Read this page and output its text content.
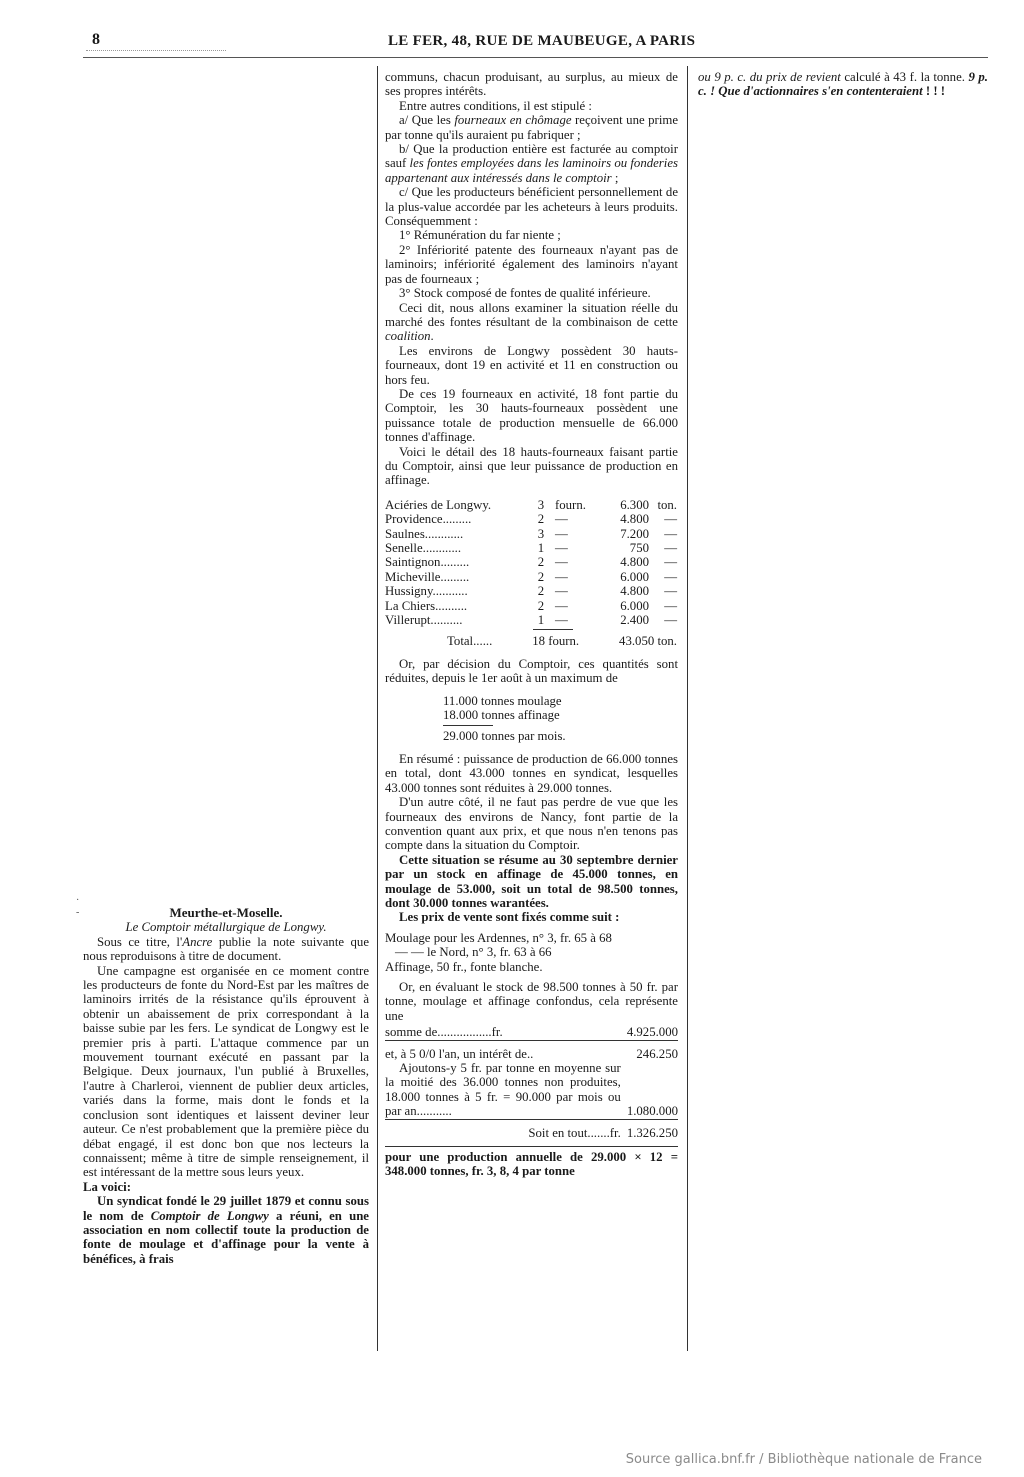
8	LE FER, 48, RUE DE MAUBEUGE, A PARIS
·
-	Meurthe-et-Moselle.

Le Comptoir métallurgique de Longwy.

Sous ce titre, l'Ancre publie la note suivante que nous reproduisons à titre de document.

Une campagne est organisée en ce moment contre les producteurs de fonte du Nord-Est par les maîtres de laminoirs irrités de la résistance qu'ils éprouvent à obtenir un abaissement de prix correspondant à la baisse subie par les fers. Le syndicat de Longwy est le premier pris à parti. L'attaque commence par un mouvement tournant exécuté en passant par la Belgique. Deux journaux, l'un publié à Bruxelles, l'autre à Charleroi, viennent de publier deux articles, variés dans la forme, mais dont le fonds et la conclusion sont identiques et laissent deviner leur auteur. Ce n'est probablement que la première pièce du débat engagé, il est donc bon que nos lecteurs la connaissent; même à titre de simple renseignement, il est intéressant de la mettre sous leurs yeux.

La voici:

Un syndicat fondé le 29 juillet 1879 et connu sous le nom de Comptoir de Longwy a réuni, en une association en nom collectif toute la production de fonte de moulage et d'affinage pour la vente à bénéfices, à frais

communs, chacun produisant, au surplus, au mieux de ses propres intérêts.

Entre autres conditions, il est stipulé :

a/ Que les fourneaux en chômage reçoivent une prime par tonne qu'ils auraient pu fabriquer ;

b/ Que la production entière est facturée au comptoir sauf les fontes employées dans les laminoirs ou fonderies appartenant aux intéressés dans le comptoir ;

c/ Que les producteurs bénéficient personnellement de la plus-value accordée par les acheteurs à leurs produits. Conséquemment :

1° Rémunération du far niente ;

2° Infériorité patente des fourneaux n'ayant pas de laminoirs; infériorité également des laminoirs n'ayant pas de fourneaux ;

3° Stock composé de fontes de qualité inférieure.

Ceci dit, nous allons examiner la situation réelle du marché des fontes résultant de la combinaison de cette coalition.

Les environs de Longwy possèdent 30 hauts-fourneaux, dont 19 en activité et 11 en construction ou hors feu.

De ces 19 fourneaux en activité, 18 font partie du Comptoir, les 30 hauts-fourneaux possèdent une puissance totale de production mensuelle de 66.000 tonnes d'affinage.

Voici le détail des 18 hauts-fourneaux faisant partie du Comptoir, ainsi que leur puissance de production en affinage.

Aciéries de Longwy.	3	fourn.	6.300	ton.
Providence.........	2	—	4.800	—
Saulnes............	3	—	7.200	—
Senelle............	1	—	750	—
Saintignon.........	2	—	4.800	—
Micheville.........	2	—	6.000	—
Hussigny...........	2	—	4.800	—
La Chiers..........	2	—	6.000	—
Villerupt..........	1	—	2.400	—
Total......	18 fourn.	43.050 ton.

Or, par décision du Comptoir, ces quantités sont réduites, depuis le 1er août à un maximum de

11.000 tonnes moulage
18.000 tonnes affinage
29.000 tonnes par mois.

En résumé : puissance de production de 66.000 tonnes en total, dont 43.000 tonnes en syndicat, lesquelles 43.000 tonnes sont réduites à 29.000 tonnes.

D'un autre côté, il ne faut pas perdre de vue que les fourneaux des environs de Nancy, font partie de la convention quant aux prix, et que nous n'en tenons pas compte dans la situation du Comptoir.

Cette situation se résume au 30 septembre dernier par un stock en affinage de 45.000 tonnes, en moulage de 53.000, soit un total de 98.500 tonnes, dont 30.000 tonnes warantées.

Les prix de vente sont fixés comme suit :

Moulage pour les Ardennes, n° 3, fr. 65 à 68
— — le Nord, n° 3, fr. 63 à 66
Affinage, 50 fr., fonte blanche.

Or, en évaluant le stock de 98.500 tonnes à 50 fr. par tonne, moulage et affinage confondus, cela représente une

somme de.................fr.	4.925.000
et, à 5 0/0 l'an, un intérêt de..	246.250
Ajoutons-y 5 fr. par tonne en moyenne sur la moitié des 36.000 tonnes non produites, 18.000 tonnes à 5 fr. = 90.000 par mois ou par an...........	1.080.000
Soit en tout.......fr.	1.326.250

pour une production annuelle de 29.000 × 12 = 348.000 tonnes, fr. 3, 8, 4 par tonne

ou 9 p. c. du prix de revient calculé à 43 f. la tonne. 9 p. c. ! Que d'actionnaires s'en contenteraient ! ! !

Source gallica.bnf.fr / Bibliothèque nationale de France
